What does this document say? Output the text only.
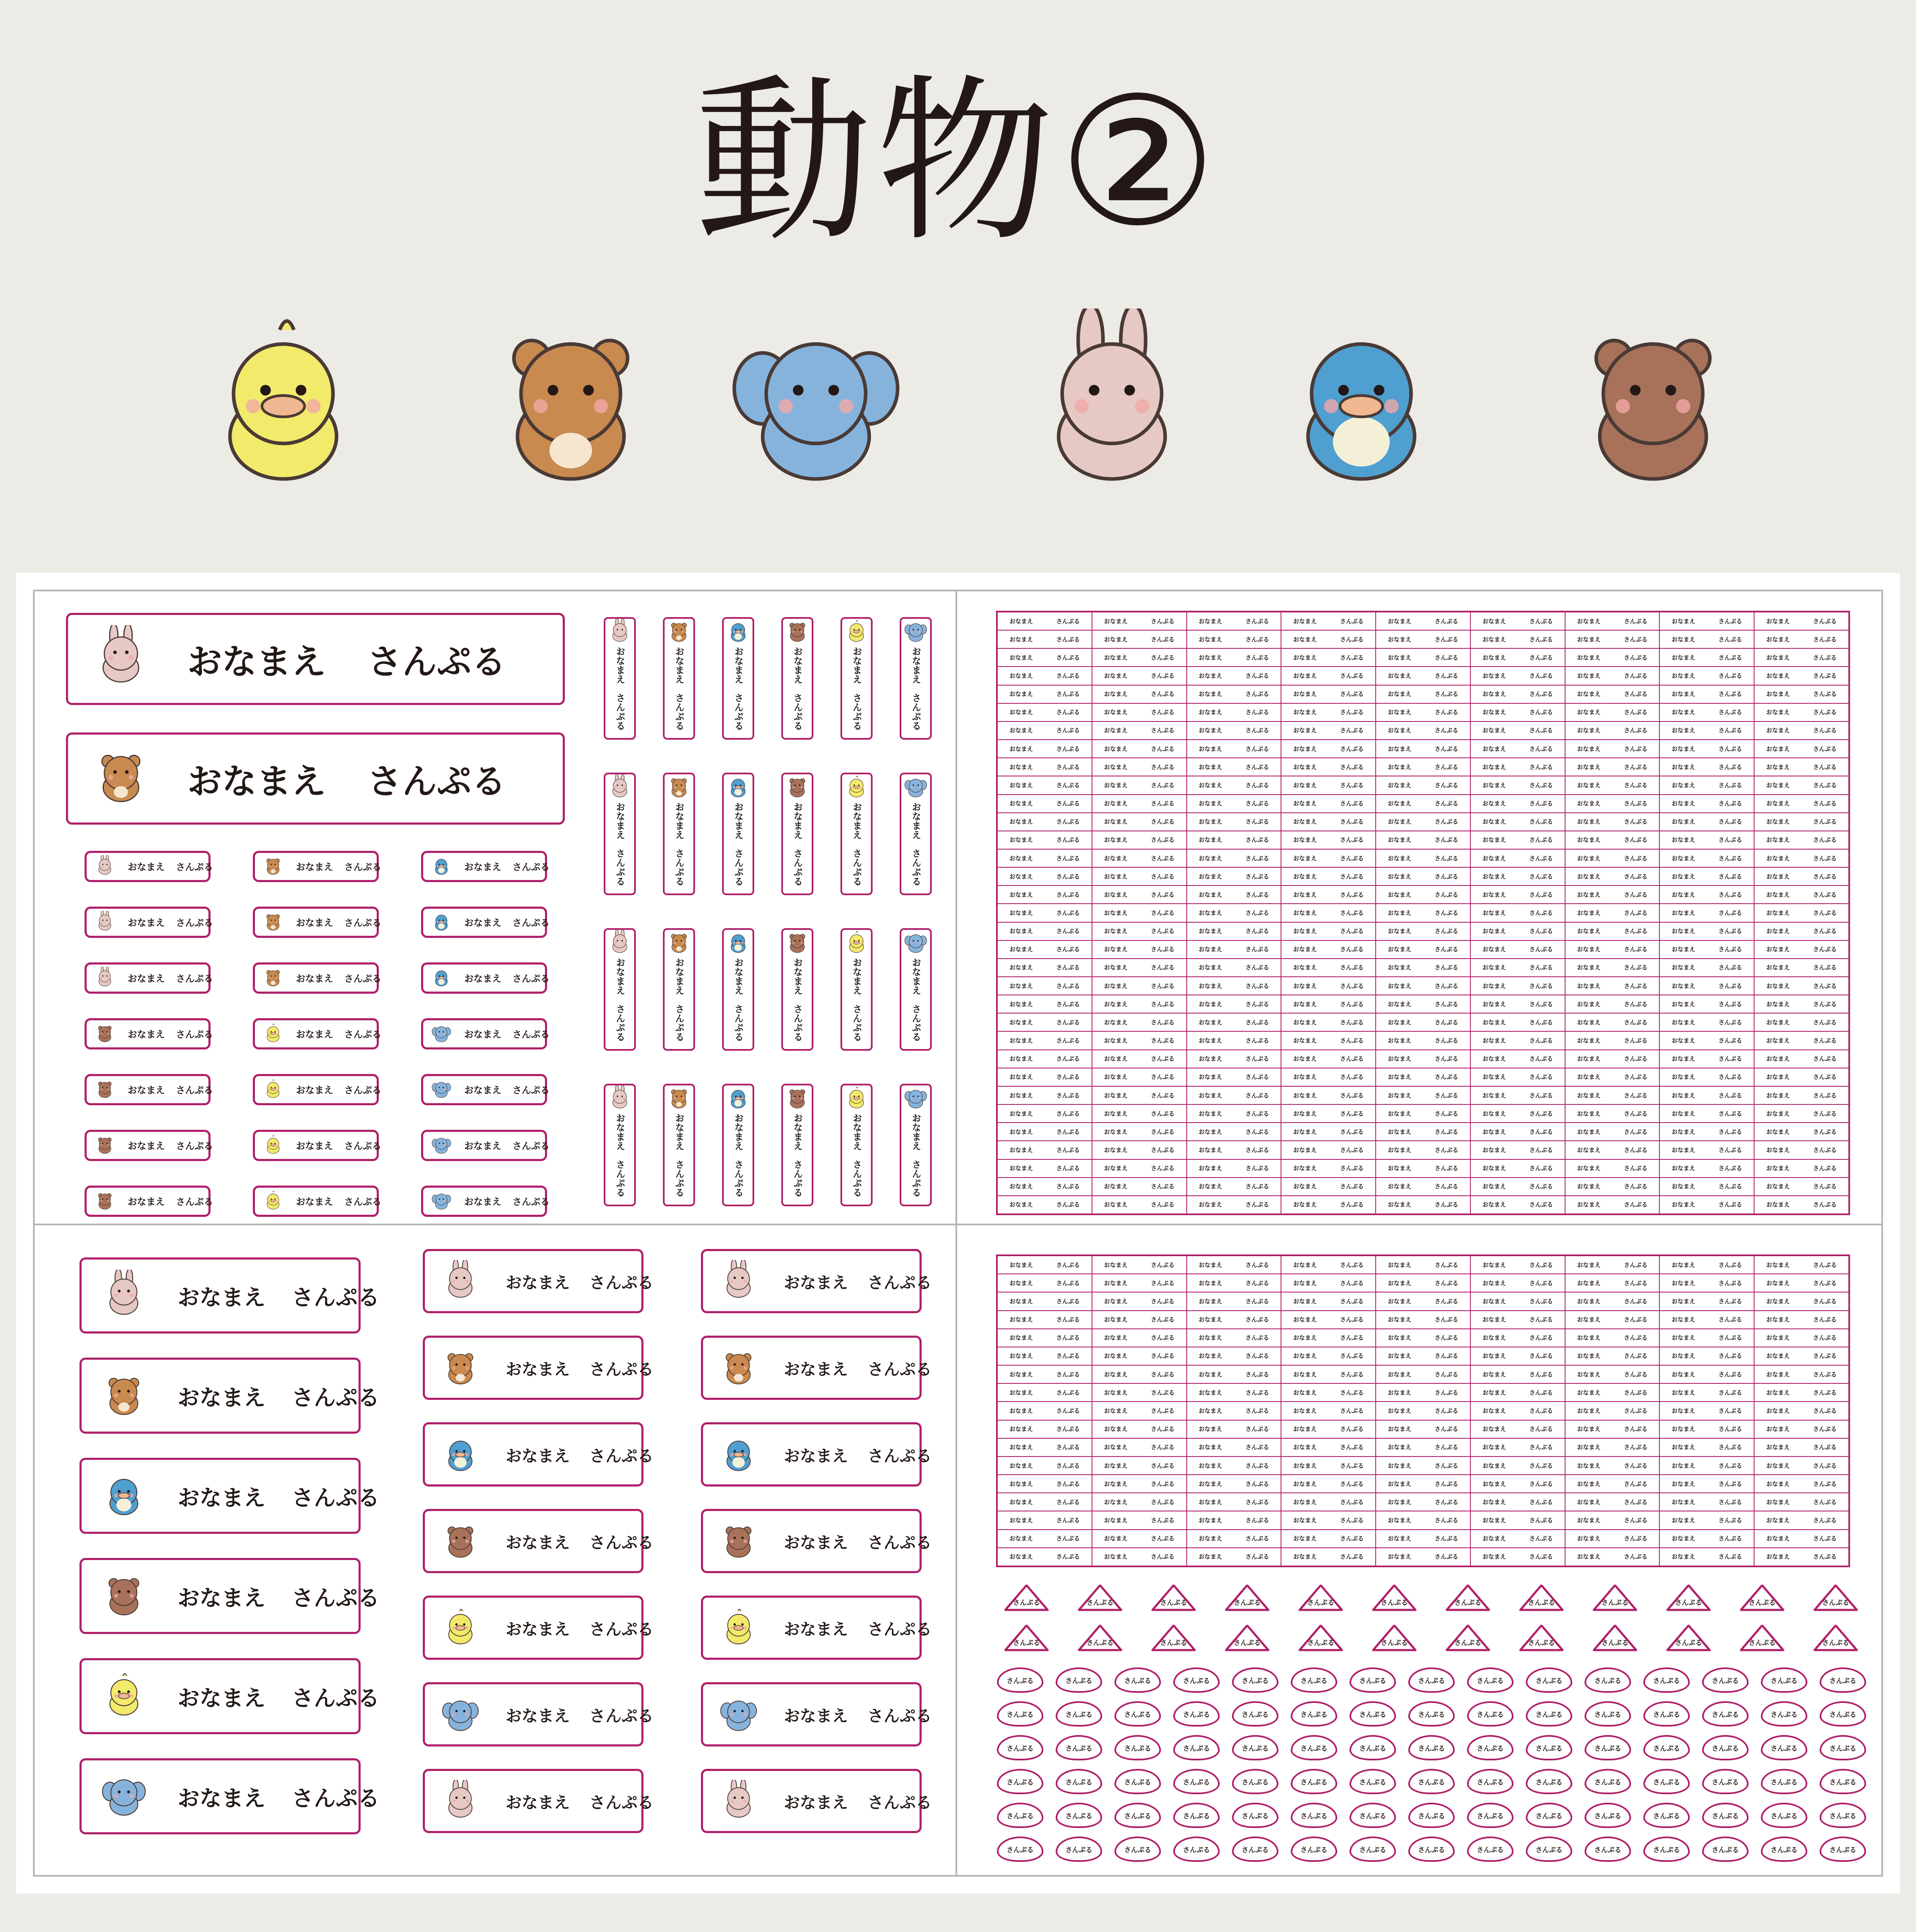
動物②
おなまえ さんぷる
おなまえ さんぷる
おなまえ さんぷる
おなまえ さんぷる
おなまえ さんぷる
おなまえ さんぷる
おなまえ さんぷる
おなまえ さんぷる
おなまえ さんぷる
おなまえ さんぷる
おなまえ さんぷる
おなまえ さんぷる
おなまえ さんぷる
おなまえ さんぷる
おなまえ さんぷる
おなまえ さんぷる
おなまえ さんぷる
おなまえ さんぷる
おなまえ さんぷる
おなまえ さんぷる
おなまえ さんぷる
おなまえ さんぷる
おなまえ さんぷる
おなまえ　さんぷる
おなまえ　さんぷる
おなまえ　さんぷる
おなまえ　さんぷる
おなまえ　さんぷる
おなまえ　さんぷる
おなまえ　さんぷる
おなまえ　さんぷる
おなまえ　さんぷる
おなまえ　さんぷる
おなまえ　さんぷる
おなまえ　さんぷる
おなまえ　さんぷる
おなまえ　さんぷる
おなまえ　さんぷる
おなまえ　さんぷる
おなまえ　さんぷる
おなまえ　さんぷる
おなまえ　さんぷる
おなまえ　さんぷる
おなまえ　さんぷる
おなまえ　さんぷる
おなまえ　さんぷる
おなまえ　さんぷる
おなまえ	さんぷる	おなまえ	さんぷる	おなまえ	さんぷる	おなまえ	さんぷる	おなまえ	さんぷる	おなまえ	さんぷる	おなまえ	さんぷる	おなまえ	さんぷる	おなまえ	さんぷる
おなまえ	さんぷる	おなまえ	さんぷる	おなまえ	さんぷる	おなまえ	さんぷる	おなまえ	さんぷる	おなまえ	さんぷる	おなまえ	さんぷる	おなまえ	さんぷる	おなまえ	さんぷる
おなまえ	さんぷる	おなまえ	さんぷる	おなまえ	さんぷる	おなまえ	さんぷる	おなまえ	さんぷる	おなまえ	さんぷる	おなまえ	さんぷる	おなまえ	さんぷる	おなまえ	さんぷる
おなまえ	さんぷる	おなまえ	さんぷる	おなまえ	さんぷる	おなまえ	さんぷる	おなまえ	さんぷる	おなまえ	さんぷる	おなまえ	さんぷる	おなまえ	さんぷる	おなまえ	さんぷる
おなまえ	さんぷる	おなまえ	さんぷる	おなまえ	さんぷる	おなまえ	さんぷる	おなまえ	さんぷる	おなまえ	さんぷる	おなまえ	さんぷる	おなまえ	さんぷる	おなまえ	さんぷる
おなまえ	さんぷる	おなまえ	さんぷる	おなまえ	さんぷる	おなまえ	さんぷる	おなまえ	さんぷる	おなまえ	さんぷる	おなまえ	さんぷる	おなまえ	さんぷる	おなまえ	さんぷる
おなまえ	さんぷる	おなまえ	さんぷる	おなまえ	さんぷる	おなまえ	さんぷる	おなまえ	さんぷる	おなまえ	さんぷる	おなまえ	さんぷる	おなまえ	さんぷる	おなまえ	さんぷる
おなまえ	さんぷる	おなまえ	さんぷる	おなまえ	さんぷる	おなまえ	さんぷる	おなまえ	さんぷる	おなまえ	さんぷる	おなまえ	さんぷる	おなまえ	さんぷる	おなまえ	さんぷる
おなまえ	さんぷる	おなまえ	さんぷる	おなまえ	さんぷる	おなまえ	さんぷる	おなまえ	さんぷる	おなまえ	さんぷる	おなまえ	さんぷる	おなまえ	さんぷる	おなまえ	さんぷる
おなまえ	さんぷる	おなまえ	さんぷる	おなまえ	さんぷる	おなまえ	さんぷる	おなまえ	さんぷる	おなまえ	さんぷる	おなまえ	さんぷる	おなまえ	さんぷる	おなまえ	さんぷる
おなまえ	さんぷる	おなまえ	さんぷる	おなまえ	さんぷる	おなまえ	さんぷる	おなまえ	さんぷる	おなまえ	さんぷる	おなまえ	さんぷる	おなまえ	さんぷる	おなまえ	さんぷる
おなまえ	さんぷる	おなまえ	さんぷる	おなまえ	さんぷる	おなまえ	さんぷる	おなまえ	さんぷる	おなまえ	さんぷる	おなまえ	さんぷる	おなまえ	さんぷる	おなまえ	さんぷる
おなまえ	さんぷる	おなまえ	さんぷる	おなまえ	さんぷる	おなまえ	さんぷる	おなまえ	さんぷる	おなまえ	さんぷる	おなまえ	さんぷる	おなまえ	さんぷる	おなまえ	さんぷる
おなまえ	さんぷる	おなまえ	さんぷる	おなまえ	さんぷる	おなまえ	さんぷる	おなまえ	さんぷる	おなまえ	さんぷる	おなまえ	さんぷる	おなまえ	さんぷる	おなまえ	さんぷる
おなまえ	さんぷる	おなまえ	さんぷる	おなまえ	さんぷる	おなまえ	さんぷる	おなまえ	さんぷる	おなまえ	さんぷる	おなまえ	さんぷる	おなまえ	さんぷる	おなまえ	さんぷる
おなまえ	さんぷる	おなまえ	さんぷる	おなまえ	さんぷる	おなまえ	さんぷる	おなまえ	さんぷる	おなまえ	さんぷる	おなまえ	さんぷる	おなまえ	さんぷる	おなまえ	さんぷる
おなまえ	さんぷる	おなまえ	さんぷる	おなまえ	さんぷる	おなまえ	さんぷる	おなまえ	さんぷる	おなまえ	さんぷる	おなまえ	さんぷる	おなまえ	さんぷる	おなまえ	さんぷる
おなまえ	さんぷる	おなまえ	さんぷる	おなまえ	さんぷる	おなまえ	さんぷる	おなまえ	さんぷる	おなまえ	さんぷる	おなまえ	さんぷる	おなまえ	さんぷる	おなまえ	さんぷる
おなまえ	さんぷる	おなまえ	さんぷる	おなまえ	さんぷる	おなまえ	さんぷる	おなまえ	さんぷる	おなまえ	さんぷる	おなまえ	さんぷる	おなまえ	さんぷる	おなまえ	さんぷる
おなまえ	さんぷる	おなまえ	さんぷる	おなまえ	さんぷる	おなまえ	さんぷる	おなまえ	さんぷる	おなまえ	さんぷる	おなまえ	さんぷる	おなまえ	さんぷる	おなまえ	さんぷる
おなまえ	さんぷる	おなまえ	さんぷる	おなまえ	さんぷる	おなまえ	さんぷる	おなまえ	さんぷる	おなまえ	さんぷる	おなまえ	さんぷる	おなまえ	さんぷる	おなまえ	さんぷる
おなまえ	さんぷる	おなまえ	さんぷる	おなまえ	さんぷる	おなまえ	さんぷる	おなまえ	さんぷる	おなまえ	さんぷる	おなまえ	さんぷる	おなまえ	さんぷる	おなまえ	さんぷる
おなまえ	さんぷる	おなまえ	さんぷる	おなまえ	さんぷる	おなまえ	さんぷる	おなまえ	さんぷる	おなまえ	さんぷる	おなまえ	さんぷる	おなまえ	さんぷる	おなまえ	さんぷる
おなまえ	さんぷる	おなまえ	さんぷる	おなまえ	さんぷる	おなまえ	さんぷる	おなまえ	さんぷる	おなまえ	さんぷる	おなまえ	さんぷる	おなまえ	さんぷる	おなまえ	さんぷる
おなまえ	さんぷる	おなまえ	さんぷる	おなまえ	さんぷる	おなまえ	さんぷる	おなまえ	さんぷる	おなまえ	さんぷる	おなまえ	さんぷる	おなまえ	さんぷる	おなまえ	さんぷる
おなまえ	さんぷる	おなまえ	さんぷる	おなまえ	さんぷる	おなまえ	さんぷる	おなまえ	さんぷる	おなまえ	さんぷる	おなまえ	さんぷる	おなまえ	さんぷる	おなまえ	さんぷる
おなまえ	さんぷる	おなまえ	さんぷる	おなまえ	さんぷる	おなまえ	さんぷる	おなまえ	さんぷる	おなまえ	さんぷる	おなまえ	さんぷる	おなまえ	さんぷる	おなまえ	さんぷる
おなまえ	さんぷる	おなまえ	さんぷる	おなまえ	さんぷる	おなまえ	さんぷる	おなまえ	さんぷる	おなまえ	さんぷる	おなまえ	さんぷる	おなまえ	さんぷる	おなまえ	さんぷる
おなまえ	さんぷる	おなまえ	さんぷる	おなまえ	さんぷる	おなまえ	さんぷる	おなまえ	さんぷる	おなまえ	さんぷる	おなまえ	さんぷる	おなまえ	さんぷる	おなまえ	さんぷる
おなまえ	さんぷる	おなまえ	さんぷる	おなまえ	さんぷる	おなまえ	さんぷる	おなまえ	さんぷる	おなまえ	さんぷる	おなまえ	さんぷる	おなまえ	さんぷる	おなまえ	さんぷる
おなまえ	さんぷる	おなまえ	さんぷる	おなまえ	さんぷる	おなまえ	さんぷる	おなまえ	さんぷる	おなまえ	さんぷる	おなまえ	さんぷる	おなまえ	さんぷる	おなまえ	さんぷる
おなまえ	さんぷる	おなまえ	さんぷる	おなまえ	さんぷる	おなまえ	さんぷる	おなまえ	さんぷる	おなまえ	さんぷる	おなまえ	さんぷる	おなまえ	さんぷる	おなまえ	さんぷる
おなまえ	さんぷる	おなまえ	さんぷる	おなまえ	さんぷる	おなまえ	さんぷる	おなまえ	さんぷる	おなまえ	さんぷる	おなまえ	さんぷる	おなまえ	さんぷる	おなまえ	さんぷる
おなまえ さんぷる
おなまえ さんぷる
おなまえ さんぷる
おなまえ さんぷる
おなまえ さんぷる
おなまえ さんぷる
おなまえ さんぷる	おなまえ さんぷる
おなまえ さんぷる	おなまえ さんぷる
おなまえ さんぷる	おなまえ さんぷる
おなまえ さんぷる	おなまえ さんぷる
おなまえ さんぷる	おなまえ さんぷる
おなまえ さんぷる	おなまえ さんぷる
おなまえ さんぷる	おなまえ さんぷる
おなまえ	さんぷる	おなまえ	さんぷる	おなまえ	さんぷる	おなまえ	さんぷる	おなまえ	さんぷる	おなまえ	さんぷる	おなまえ	さんぷる	おなまえ	さんぷる	おなまえ	さんぷる
おなまえ	さんぷる	おなまえ	さんぷる	おなまえ	さんぷる	おなまえ	さんぷる	おなまえ	さんぷる	おなまえ	さんぷる	おなまえ	さんぷる	おなまえ	さんぷる	おなまえ	さんぷる
おなまえ	さんぷる	おなまえ	さんぷる	おなまえ	さんぷる	おなまえ	さんぷる	おなまえ	さんぷる	おなまえ	さんぷる	おなまえ	さんぷる	おなまえ	さんぷる	おなまえ	さんぷる
おなまえ	さんぷる	おなまえ	さんぷる	おなまえ	さんぷる	おなまえ	さんぷる	おなまえ	さんぷる	おなまえ	さんぷる	おなまえ	さんぷる	おなまえ	さんぷる	おなまえ	さんぷる
おなまえ	さんぷる	おなまえ	さんぷる	おなまえ	さんぷる	おなまえ	さんぷる	おなまえ	さんぷる	おなまえ	さんぷる	おなまえ	さんぷる	おなまえ	さんぷる	おなまえ	さんぷる
おなまえ	さんぷる	おなまえ	さんぷる	おなまえ	さんぷる	おなまえ	さんぷる	おなまえ	さんぷる	おなまえ	さんぷる	おなまえ	さんぷる	おなまえ	さんぷる	おなまえ	さんぷる
おなまえ	さんぷる	おなまえ	さんぷる	おなまえ	さんぷる	おなまえ	さんぷる	おなまえ	さんぷる	おなまえ	さんぷる	おなまえ	さんぷる	おなまえ	さんぷる	おなまえ	さんぷる
おなまえ	さんぷる	おなまえ	さんぷる	おなまえ	さんぷる	おなまえ	さんぷる	おなまえ	さんぷる	おなまえ	さんぷる	おなまえ	さんぷる	おなまえ	さんぷる	おなまえ	さんぷる
おなまえ	さんぷる	おなまえ	さんぷる	おなまえ	さんぷる	おなまえ	さんぷる	おなまえ	さんぷる	おなまえ	さんぷる	おなまえ	さんぷる	おなまえ	さんぷる	おなまえ	さんぷる
おなまえ	さんぷる	おなまえ	さんぷる	おなまえ	さんぷる	おなまえ	さんぷる	おなまえ	さんぷる	おなまえ	さんぷる	おなまえ	さんぷる	おなまえ	さんぷる	おなまえ	さんぷる
おなまえ	さんぷる	おなまえ	さんぷる	おなまえ	さんぷる	おなまえ	さんぷる	おなまえ	さんぷる	おなまえ	さんぷる	おなまえ	さんぷる	おなまえ	さんぷる	おなまえ	さんぷる
おなまえ	さんぷる	おなまえ	さんぷる	おなまえ	さんぷる	おなまえ	さんぷる	おなまえ	さんぷる	おなまえ	さんぷる	おなまえ	さんぷる	おなまえ	さんぷる	おなまえ	さんぷる
おなまえ	さんぷる	おなまえ	さんぷる	おなまえ	さんぷる	おなまえ	さんぷる	おなまえ	さんぷる	おなまえ	さんぷる	おなまえ	さんぷる	おなまえ	さんぷる	おなまえ	さんぷる
おなまえ	さんぷる	おなまえ	さんぷる	おなまえ	さんぷる	おなまえ	さんぷる	おなまえ	さんぷる	おなまえ	さんぷる	おなまえ	さんぷる	おなまえ	さんぷる	おなまえ	さんぷる
おなまえ	さんぷる	おなまえ	さんぷる	おなまえ	さんぷる	おなまえ	さんぷる	おなまえ	さんぷる	おなまえ	さんぷる	おなまえ	さんぷる	おなまえ	さんぷる	おなまえ	さんぷる
おなまえ	さんぷる	おなまえ	さんぷる	おなまえ	さんぷる	おなまえ	さんぷる	おなまえ	さんぷる	おなまえ	さんぷる	おなまえ	さんぷる	おなまえ	さんぷる	おなまえ	さんぷる
おなまえ	さんぷる	おなまえ	さんぷる	おなまえ	さんぷる	おなまえ	さんぷる	おなまえ	さんぷる	おなまえ	さんぷる	おなまえ	さんぷる	おなまえ	さんぷる	おなまえ	さんぷる
さんぷる	さんぷる	さんぷる	さんぷる	さんぷる	さんぷる	さんぷる	さんぷる	さんぷる	さんぷる	さんぷる	さんぷる
さんぷる	さんぷる	さんぷる	さんぷる	さんぷる	さんぷる	さんぷる	さんぷる	さんぷる	さんぷる	さんぷる	さんぷる
さんぷる	さんぷる	さんぷる	さんぷる	さんぷる	さんぷる	さんぷる	さんぷる	さんぷる	さんぷる	さんぷる	さんぷる	さんぷる	さんぷる	さんぷる
さんぷる	さんぷる	さんぷる	さんぷる	さんぷる	さんぷる	さんぷる	さんぷる	さんぷる	さんぷる	さんぷる	さんぷる	さんぷる	さんぷる	さんぷる
さんぷる	さんぷる	さんぷる	さんぷる	さんぷる	さんぷる	さんぷる	さんぷる	さんぷる	さんぷる	さんぷる	さんぷる	さんぷる	さんぷる	さんぷる
さんぷる	さんぷる	さんぷる	さんぷる	さんぷる	さんぷる	さんぷる	さんぷる	さんぷる	さんぷる	さんぷる	さんぷる	さんぷる	さんぷる	さんぷる
さんぷる	さんぷる	さんぷる	さんぷる	さんぷる	さんぷる	さんぷる	さんぷる	さんぷる	さんぷる	さんぷる	さんぷる	さんぷる	さんぷる	さんぷる
さんぷる	さんぷる	さんぷる	さんぷる	さんぷる	さんぷる	さんぷる	さんぷる	さんぷる	さんぷる	さんぷる	さんぷる	さんぷる	さんぷる	さんぷる
